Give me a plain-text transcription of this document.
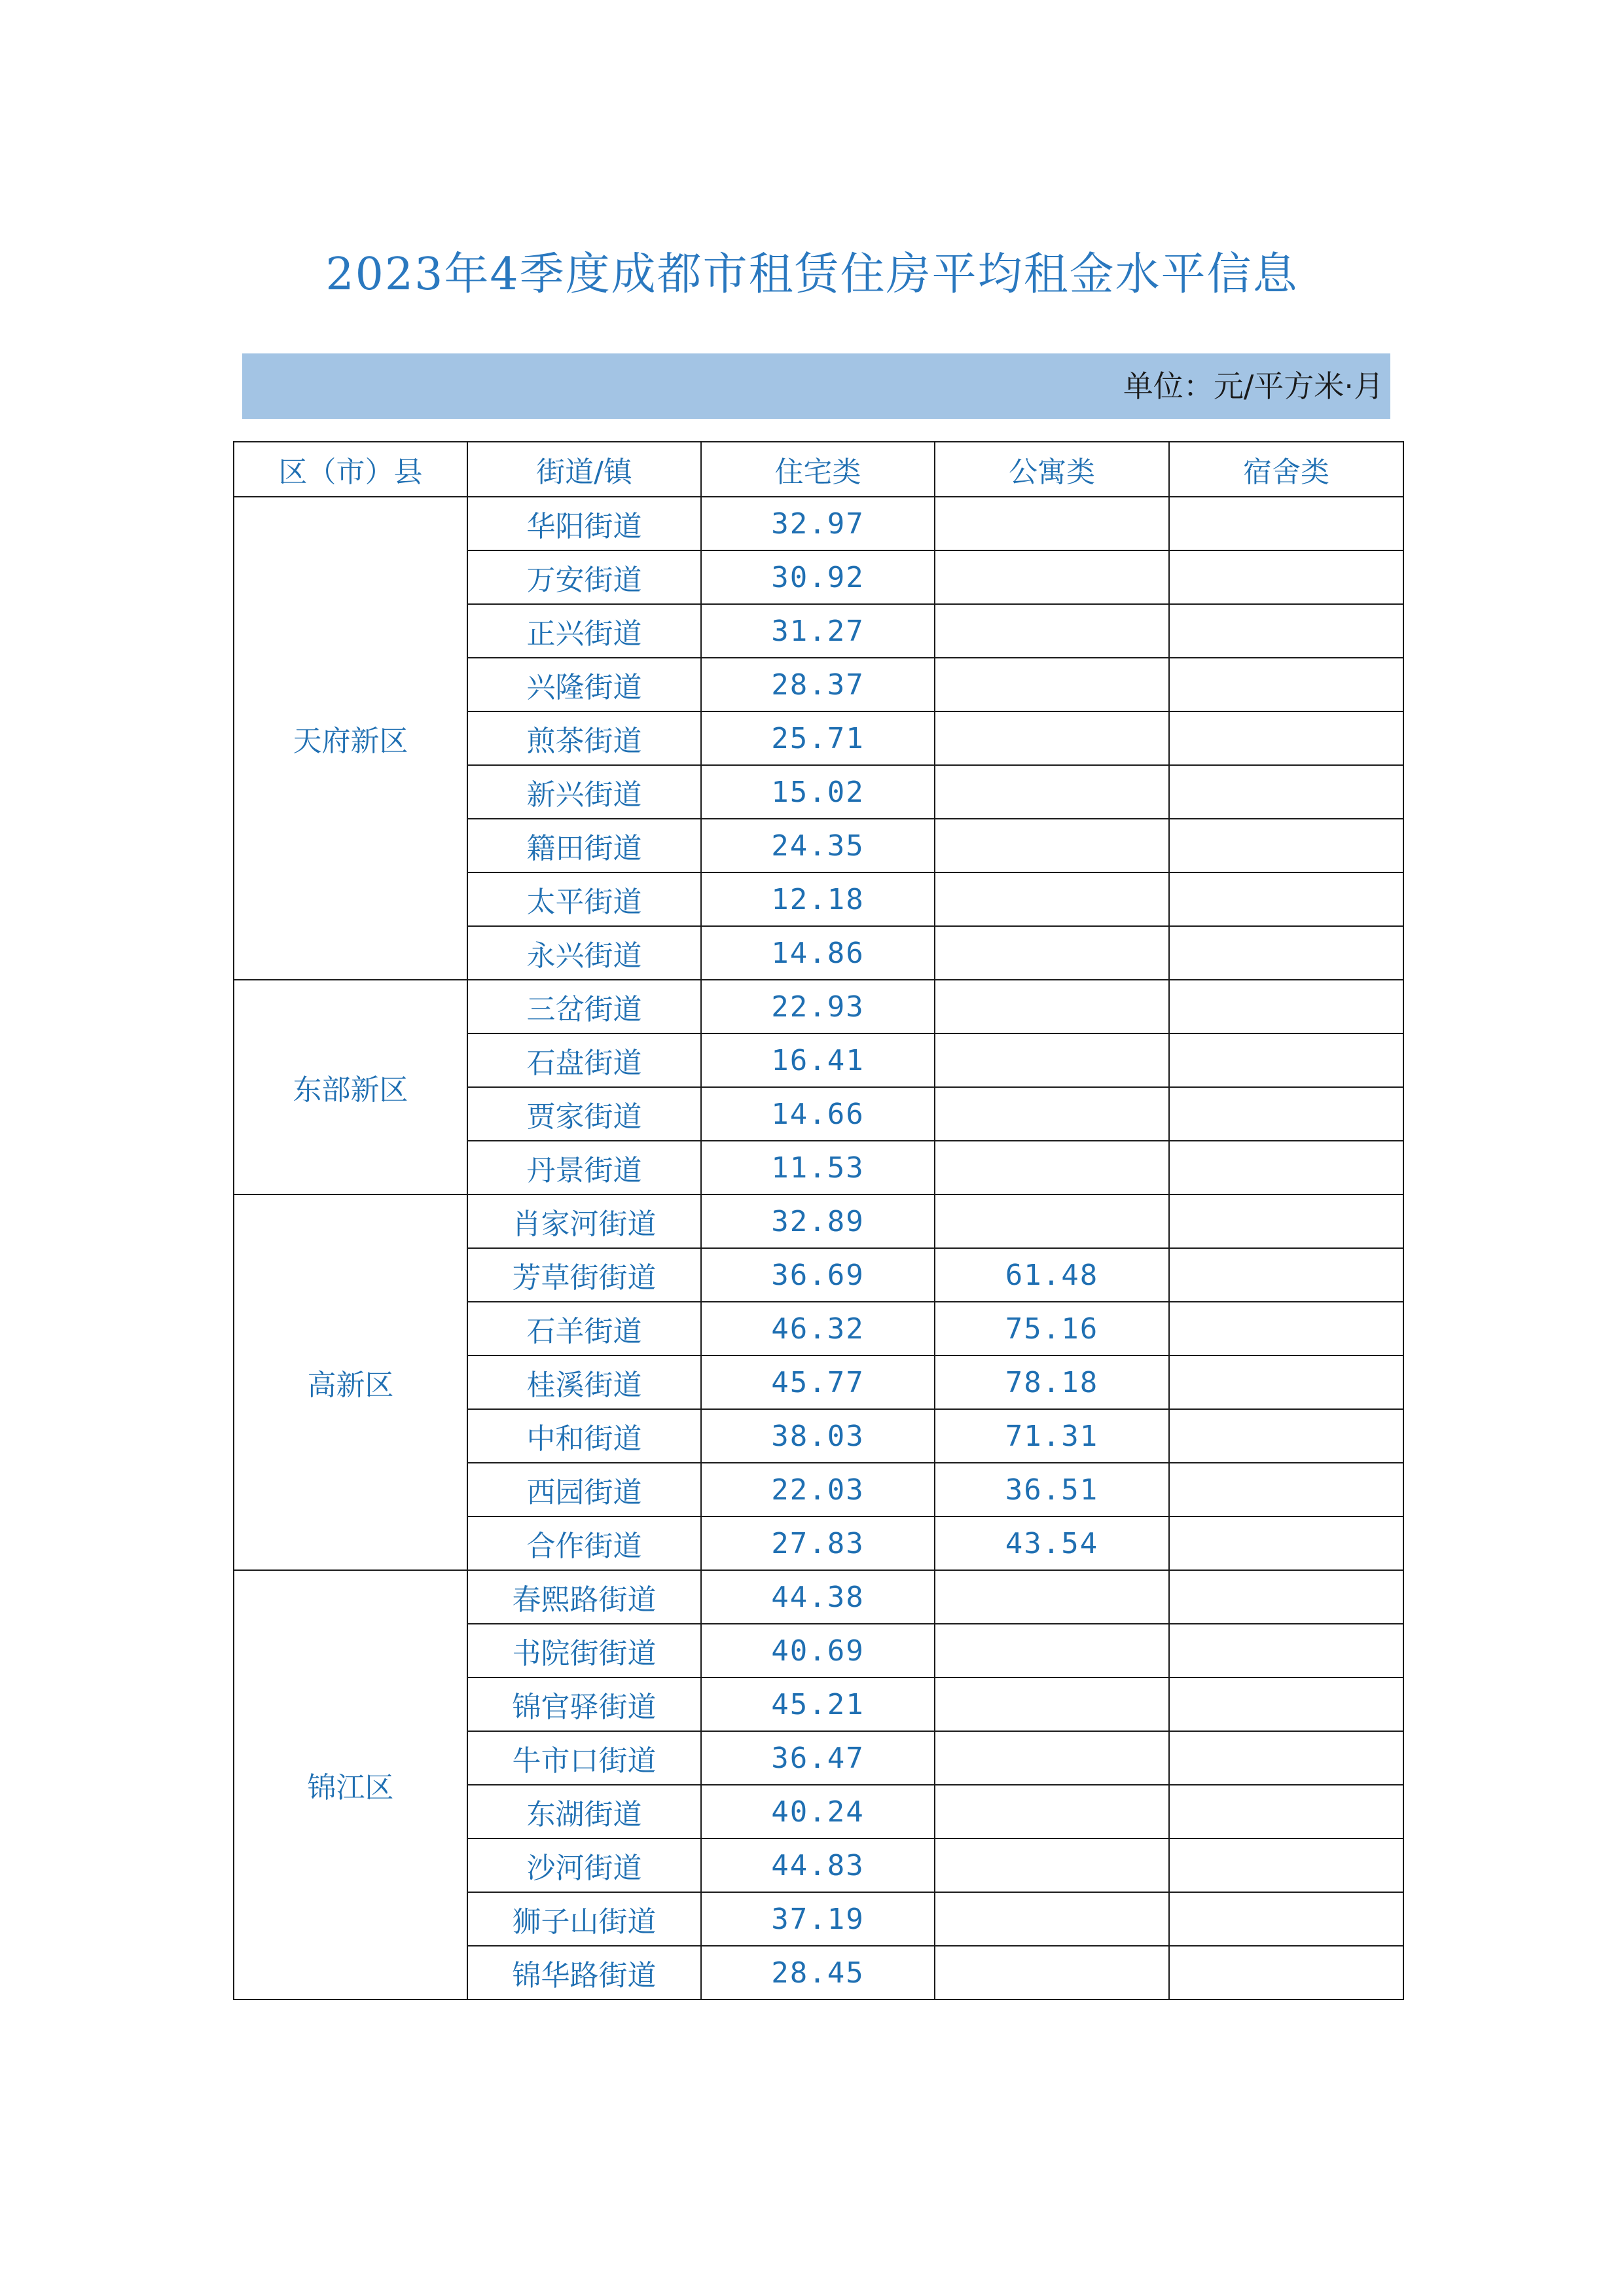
2023年4季度成都市租赁住房平均租金水平信息
单位：元/平方米·月
区（市）县	街道/镇	住宅类	公寓类	宿舍类
天府新区	华阳街道	32.97		
	万安街道	30.92		
	正兴街道	31.27		
	兴隆街道	28.37		
	煎茶街道	25.71		
	新兴街道	15.02		
	籍田街道	24.35		
	太平街道	12.18		
	永兴街道	14.86		
东部新区	三岔街道	22.93		
	石盘街道	16.41		
	贾家街道	14.66		
	丹景街道	11.53		
高新区	肖家河街道	32.89		
	芳草街街道	36.69	61.48	
	石羊街道	46.32	75.16	
	桂溪街道	45.77	78.18	
	中和街道	38.03	71.31	
	西园街道	22.03	36.51	
	合作街道	27.83	43.54	
锦江区	春熙路街道	44.38		
	书院街街道	40.69		
	锦官驿街道	45.21		
	牛市口街道	36.47		
	东湖街道	40.24		
	沙河街道	44.83		
	狮子山街道	37.19		
	锦华路街道	28.45		
